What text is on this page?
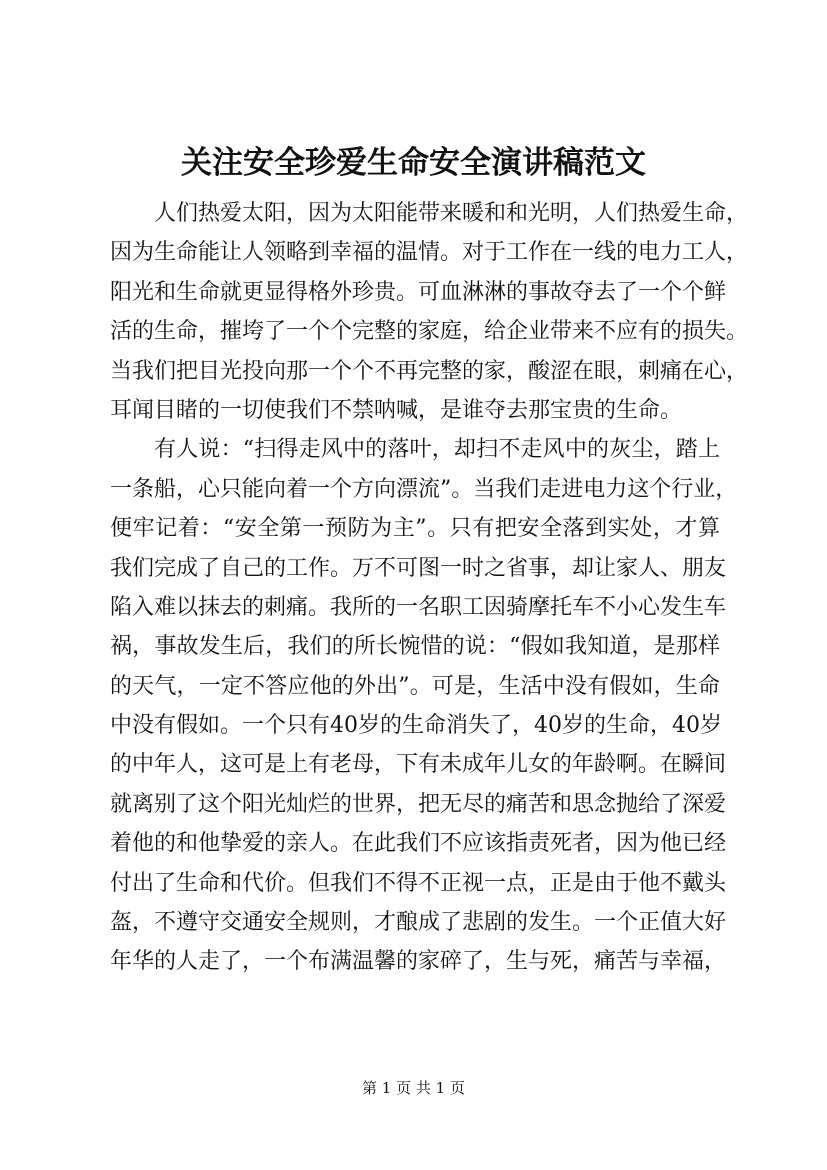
关注安全珍爱生命安全演讲稿范文
人们热爱太阳，因为太阳能带来暖和和光明，人们热爱生命，
因为生命能让人领略到幸福的温情。对于工作在一线的电力工人，
阳光和生命就更显得格外珍贵。可血淋淋的事故夺去了一个个鲜
活的生命，摧垮了一个个完整的家庭，给企业带来不应有的损失。
当我们把目光投向那一个个不再完整的家，酸涩在眼，刺痛在心，
耳闻目睹的一切使我们不禁呐喊，是谁夺去那宝贵的生命。
有人说：“扫得走风中的落叶，却扫不走风中的灰尘，踏上
一条船，心只能向着一个方向漂流”。当我们走进电力这个行业，
便牢记着：“安全第一预防为主”。只有把安全落到实处，才算
我们完成了自己的工作。万不可图一时之省事，却让家人、朋友
陷入难以抹去的刺痛。我所的一名职工因骑摩托车不小心发生车
祸，事故发生后，我们的所长惋惜的说：“假如我知道，是那样
的天气，一定不答应他的外出”。可是，生活中没有假如，生命
中没有假如。一个只有40岁的生命消失了，40岁的生命，40岁
的中年人，这可是上有老母，下有未成年儿女的年龄啊。在瞬间
就离别了这个阳光灿烂的世界，把无尽的痛苦和思念抛给了深爱
着他的和他挚爱的亲人。在此我们不应该指责死者，因为他已经
付出了生命和代价。但我们不得不正视一点，正是由于他不戴头
盔，不遵守交通安全规则，才酿成了悲剧的发生。一个正值大好
年华的人走了，一个布满温馨的家碎了，生与死，痛苦与幸福，
第 1 页 共 1 页
